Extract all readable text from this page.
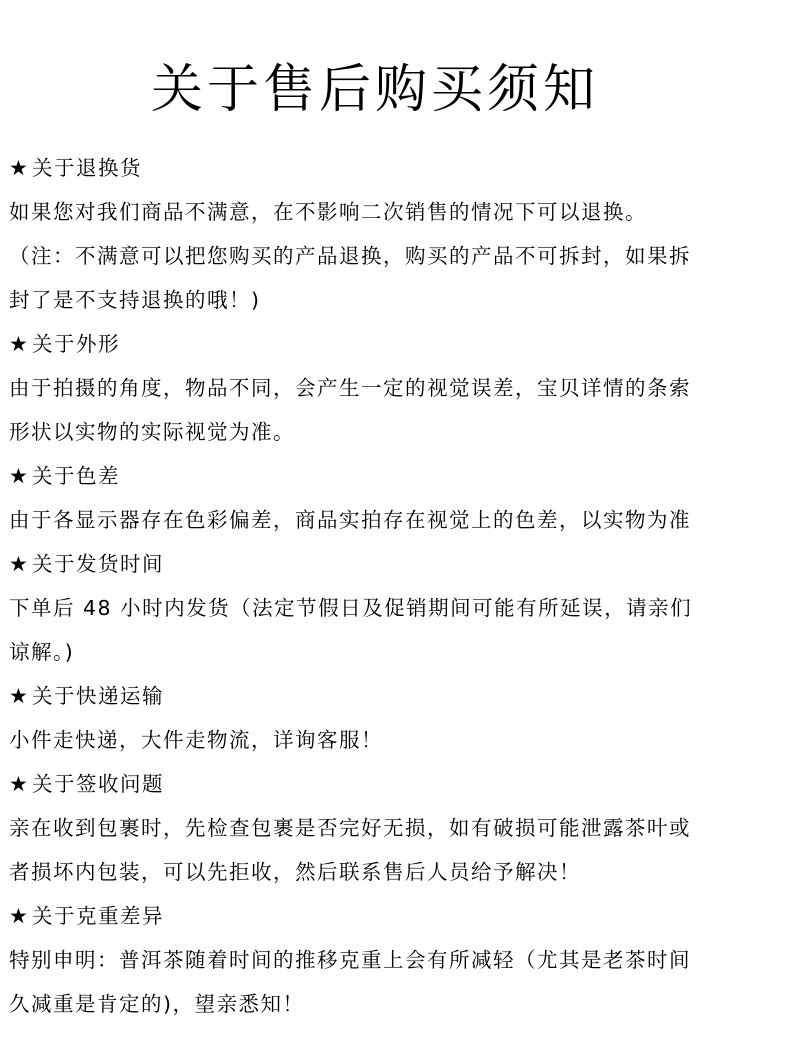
关于售后购买须知
★ 关于退换货
如果您对我们商品不满意，在不影响二次销售的情况下可以退换。
（注：不满意可以把您购买的产品退换，购买的产品不可拆封，如果拆
封了是不支持退换的哦！)
★ 关于外形
由于拍摄的角度，物品不同，会产生一定的视觉误差，宝贝详情的条索
形状以实物的实际视觉为准。
★ 关于色差
由于各显示器存在色彩偏差，商品实拍存在视觉上的色差，以实物为准
★ 关于发货时间
下单后 48 小时内发货（法定节假日及促销期间可能有所延误，请亲们
谅解。)
★ 关于快递运输
小件走快递，大件走物流，详询客服！
★ 关于签收问题
亲在收到包裹时，先检查包裹是否完好无损，如有破损可能泄露茶叶或
者损坏内包装，可以先拒收，然后联系售后人员给予解决！
★ 关于克重差异
特别申明：普洱茶随着时间的推移克重上会有所减轻（尤其是老茶时间
久减重是肯定的)，望亲悉知！
